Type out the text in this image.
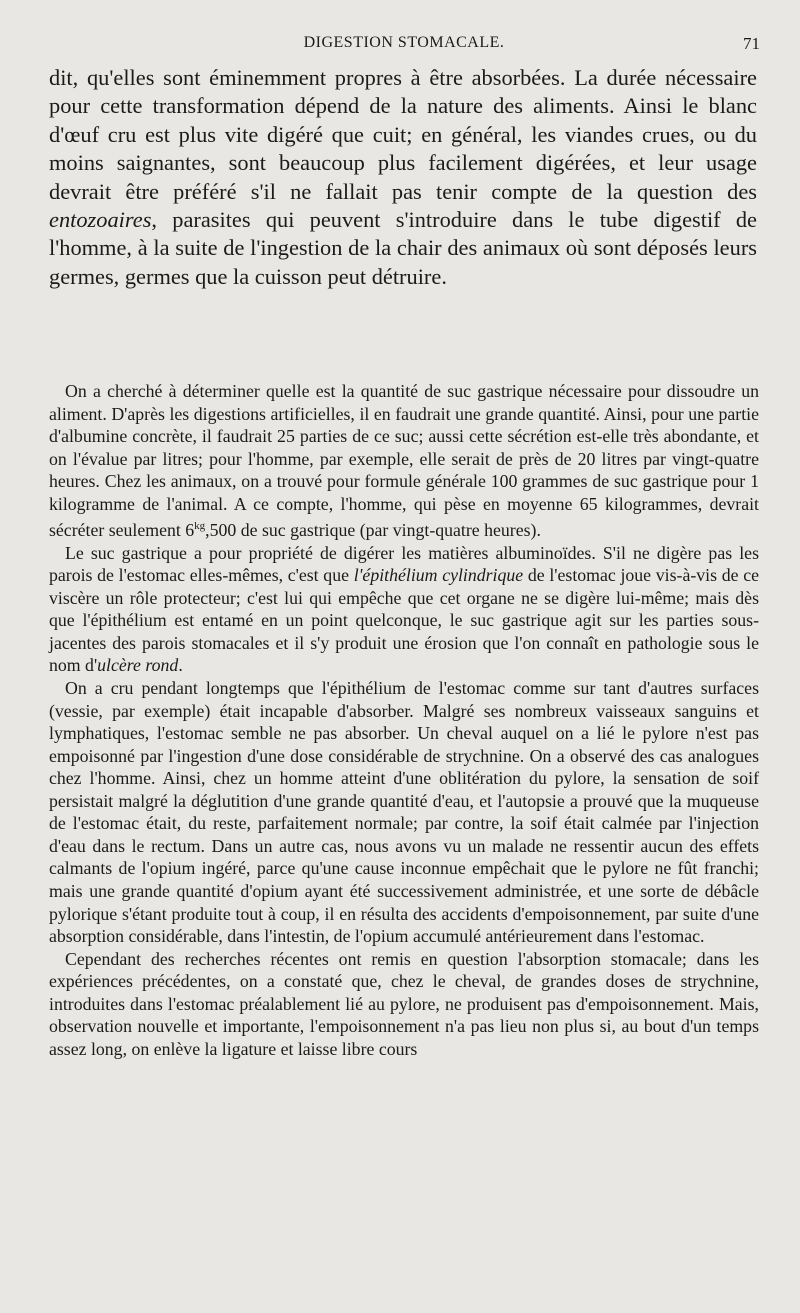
DIGESTION STOMACALE.	71

dit, qu'elles sont éminemment propres à être absorbées. La durée nécessaire pour cette transformation dépend de la nature des aliments. Ainsi le blanc d'œuf cru est plus vite digéré que cuit; en général, les viandes crues, ou du moins saignantes, sont beaucoup plus facilement digérées, et leur usage devrait être préféré s'il ne fallait pas tenir compte de la question des entozoaires, parasites qui peuvent s'introduire dans le tube digestif de l'homme, à la suite de l'ingestion de la chair des animaux où sont déposés leurs germes, germes que la cuisson peut détruire.

On a cherché à déterminer quelle est la quantité de suc gastrique nécessaire pour dissoudre un aliment. D'après les digestions artificielles, il en faudrait une grande quantité. Ainsi, pour une partie d'albumine concrète, il faudrait 25 parties de ce suc; aussi cette sécrétion est-elle très abondante, et on l'évalue par litres; pour l'homme, par exemple, elle serait de près de 20 litres par vingt-quatre heures. Chez les animaux, on a trouvé pour formule générale 100 grammes de suc gastrique pour 1 kilogramme de l'animal. A ce compte, l'homme, qui pèse en moyenne 65 kilogrammes, devrait sécréter seulement $6^{kg},500$ de suc gastrique (par vingt-quatre heures).

Le suc gastrique a pour propriété de digérer les matières albuminoïdes. S'il ne digère pas les parois de l'estomac elles-mêmes, c'est que l'épithélium cylindrique de l'estomac joue vis-à-vis de ce viscère un rôle protecteur; c'est lui qui empêche que cet organe ne se digère lui-même; mais dès que l'épithélium est entamé en un point quelconque, le suc gastrique agit sur les parties sous-jacentes des parois stomacales et il s'y produit une érosion que l'on connaît en pathologie sous le nom d'ulcère rond.

On a cru pendant longtemps que l'épithélium de l'estomac comme sur tant d'autres surfaces (vessie, par exemple) était incapable d'absorber. Malgré ses nombreux vaisseaux sanguins et lymphatiques, l'estomac semble ne pas absorber. Un cheval auquel on a lié le pylore n'est pas empoisonné par l'ingestion d'une dose considérable de strychnine. On a observé des cas analogues chez l'homme. Ainsi, chez un homme atteint d'une oblitération du pylore, la sensation de soif persistait malgré la déglutition d'une grande quantité d'eau, et l'autopsie a prouvé que la muqueuse de l'estomac était, du reste, parfaitement normale; par contre, la soif était calmée par l'injection d'eau dans le rectum. Dans un autre cas, nous avons vu un malade ne ressentir aucun des effets calmants de l'opium ingéré, parce qu'une cause inconnue empêchait que le pylore ne fût franchi; mais une grande quantité d'opium ayant été successivement administrée, et une sorte de débâcle pylorique s'étant produite tout à coup, il en résulta des accidents d'empoisonnement, par suite d'une absorption considérable, dans l'intestin, de l'opium accumulé antérieurement dans l'estomac.

Cependant des recherches récentes ont remis en question l'absorption stomacale; dans les expériences précédentes, on a constaté que, chez le cheval, de grandes doses de strychnine, introduites dans l'estomac préalablement lié au pylore, ne produisent pas d'empoisonnement. Mais, observation nouvelle et importante, l'empoisonnement n'a pas lieu non plus si, au bout d'un temps assez long, on enlève la ligature et laisse libre cours
